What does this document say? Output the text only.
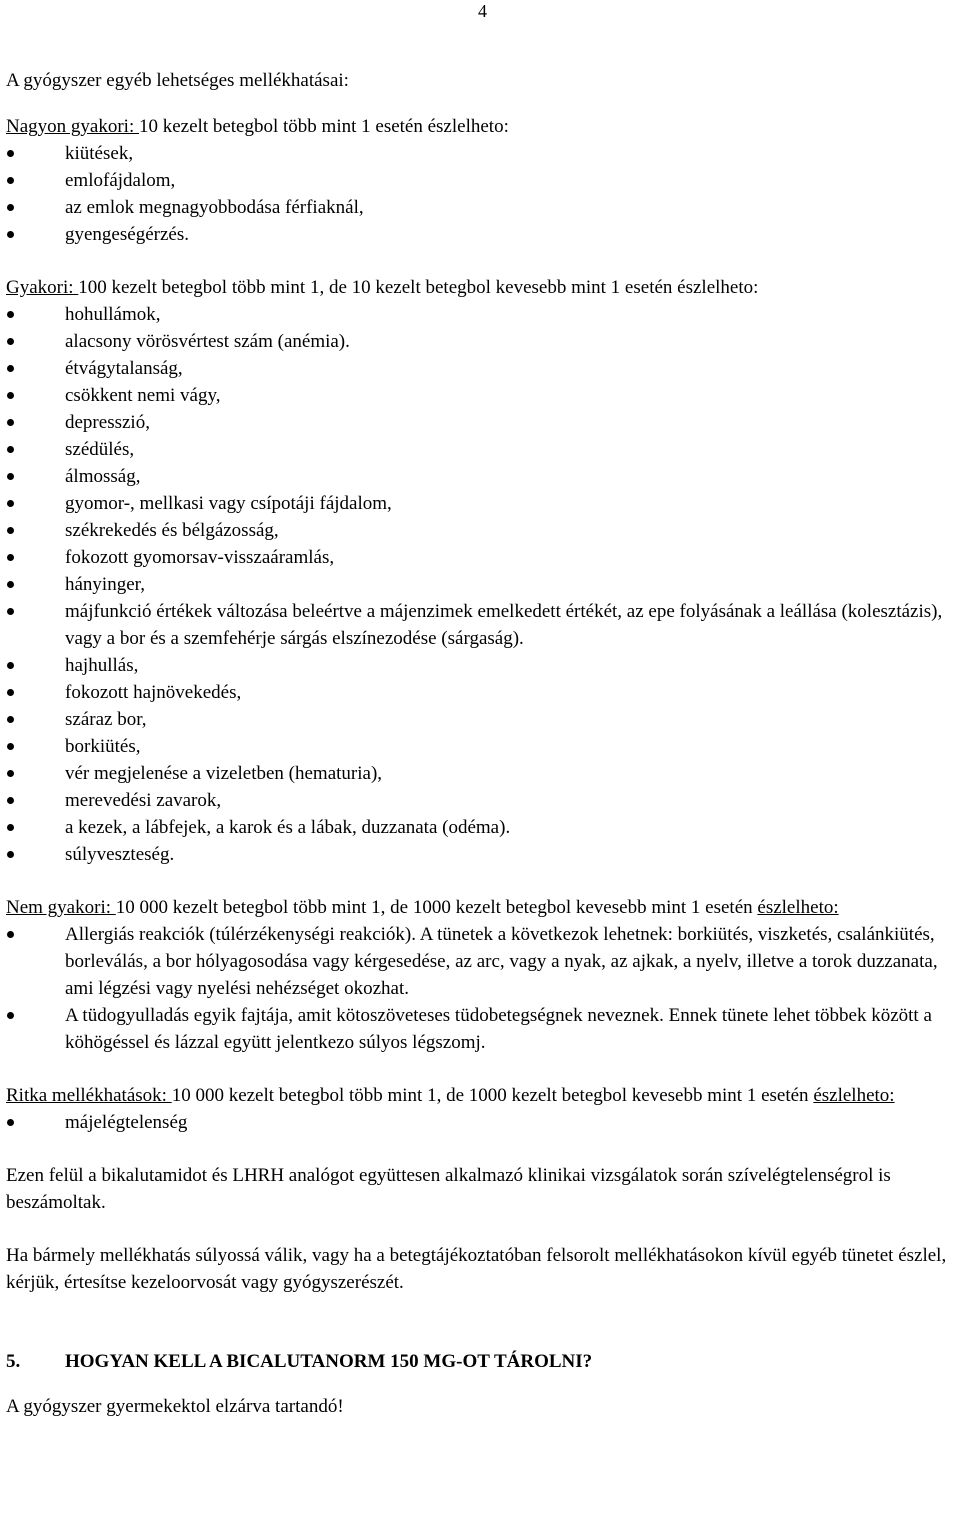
4

A gyógyszer egyéb lehetséges mellékhatásai:

Nagyon gyakori: 10 kezelt betegbol több mint 1 esetén észlelheto:

kiütések,
emlofájdalom,
az emlok megnagyobbodása férfiaknál,
gyengeségérzés.

Gyakori: 100 kezelt betegbol több mint 1, de 10 kezelt betegbol kevesebb mint 1 esetén észlelheto:

hohullámok,
alacsony vörösvértest szám (anémia).
étvágytalanság,
csökkent nemi vágy,
depresszió,
szédülés,
álmosság,
gyomor-, mellkasi vagy csípotáji fájdalom,
székrekedés és bélgázosság,
fokozott gyomorsav-visszaáramlás,
hányinger,
májfunkció értékek változása beleértve a májenzimek emelkedett értékét, az epe folyásának a leállása (kolesztázis), vagy a bor és a szemfehérje sárgás elszínezodése (sárgaság).
hajhullás,
fokozott hajnövekedés,
száraz bor,
borkiütés,
vér megjelenése a vizeletben (hematuria),
merevedési zavarok,
a kezek, a lábfejek, a karok és a lábak, duzzanata (odéma).
súlyveszteség.

Nem gyakori: 10 000 kezelt betegbol több mint 1, de 1000 kezelt betegbol kevesebb mint 1 esetén észlelheto:

Allergiás reakciók (túlérzékenységi reakciók). A tünetek a következok lehetnek: borkiütés, viszketés, csalánkiütés, borleválás, a bor hólyagosodása vagy kérgesedése, az arc, vagy a nyak, az ajkak, a nyelv, illetve a torok duzzanata, ami légzési vagy nyelési nehézséget okozhat.
A tüdogyulladás egyik fajtája, amit kötoszöveteses tüdobetegségnek neveznek. Ennek tünete lehet többek között a köhögéssel és lázzal együtt jelentkezo súlyos légszomj.

Ritka mellékhatások: 10 000 kezelt betegbol több mint 1, de 1000 kezelt betegbol kevesebb mint 1 esetén észlelheto:

májelégtelenség

Ezen felül a bikalutamidot és LHRH analógot együttesen alkalmazó klinikai vizsgálatok során szívelégtelenségrol is beszámoltak.

Ha bármely mellékhatás súlyossá válik, vagy ha a betegtájékoztatóban felsorolt mellékhatásokon kívül egyéb tünetet észlel, kérjük, értesítse kezeloorvosát vagy gyógyszerészét.

5. HOGYAN KELL A BICALUTANORM 150 MG-OT TÁROLNI?

A gyógyszer gyermekektol elzárva tartandó!
